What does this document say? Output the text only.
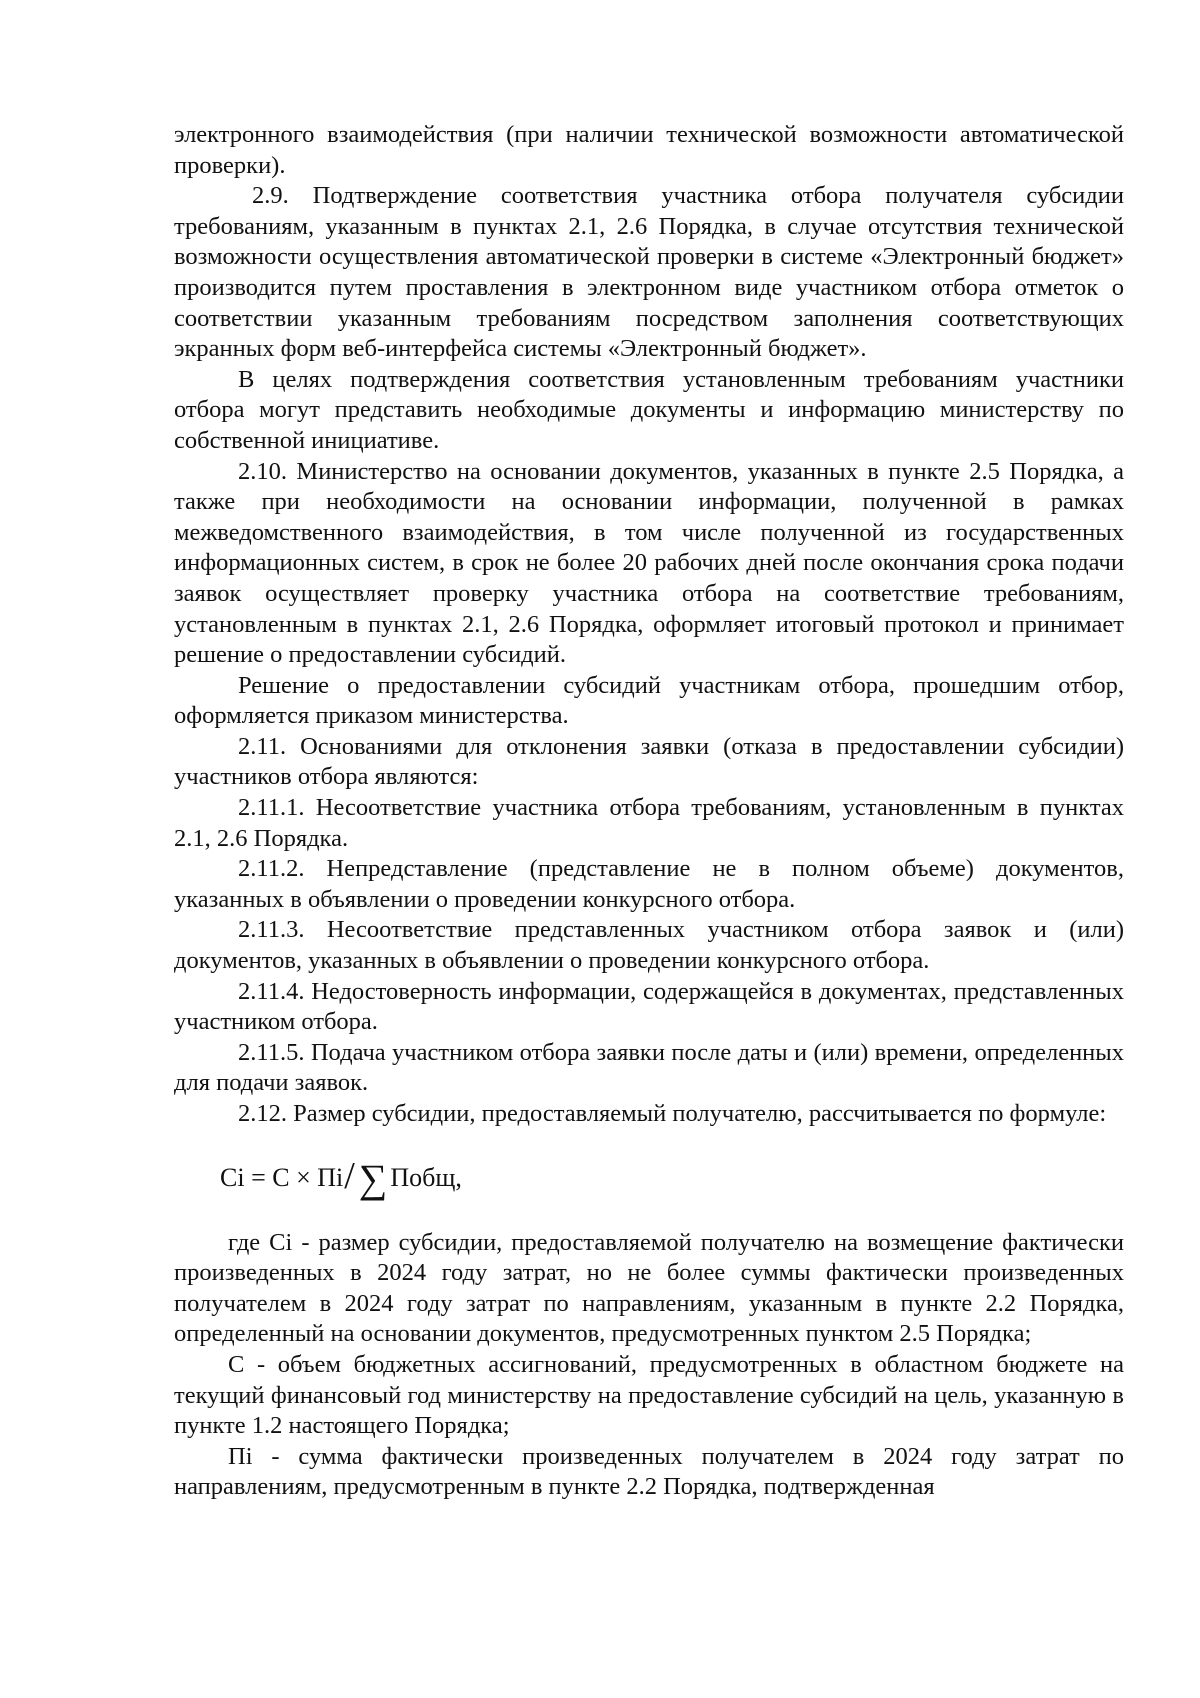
электронного взаимодействия (при наличии технической возможности автоматической проверки).

2.9. Подтверждение соответствия участника отбора получателя субсидии требованиям, указанным в пунктах 2.1, 2.6 Порядка, в случае отсутствия технической возможности осуществления автоматической проверки в системе «Электронный бюджет» производится путем проставления в электронном виде участником отбора отметок о соответствии указанным требованиям посредством заполнения соответствующих экранных форм веб-интерфейса системы «Электронный бюджет».

В целях подтверждения соответствия установленным требованиям участники отбора могут представить необходимые документы и информацию министерству по собственной инициативе.

2.10. Министерство на основании документов, указанных в пункте 2.5 Порядка, а также при необходимости на основании информации, полученной в рамках межведомственного взаимодействия, в том числе полученной из государственных информационных систем, в срок не более 20 рабочих дней после окончания срока подачи заявок осуществляет проверку участника отбора на соответствие требованиям, установленным в пунктах 2.1, 2.6 Порядка, оформляет итоговый протокол и принимает решение о предоставлении субсидий.

Решение о предоставлении субсидий участникам отбора, прошедшим отбор, оформляется приказом министерства.

2.11. Основаниями для отклонения заявки (отказа в предоставлении субсидии) участников отбора являются:

2.11.1. Несоответствие участника отбора требованиям, установленным в пунктах 2.1, 2.6 Порядка.

2.11.2. Непредставление (представление не в полном объеме) документов, указанных в объявлении о проведении конкурсного отбора.

2.11.3. Несоответствие представленных участником отбора заявок и (или) документов, указанных в объявлении о проведении конкурсного отбора.

2.11.4. Недостоверность информации, содержащейся в документах, представленных участником отбора.

2.11.5. Подача участником отбора заявки после даты и (или) времени, определенных для подачи заявок.

2.12. Размер субсидии, предоставляемый получателю, рассчитывается по формуле:

Ci = C × Пi / ∑ Побщ,

где Ci - размер субсидии, предоставляемой получателю на возмещение фактически произведенных в 2024 году затрат, но не более суммы фактически произведенных получателем в 2024 году затрат по направлениям, указанным в пункте 2.2 Порядка, определенный на основании документов, предусмотренных пунктом 2.5 Порядка;

С - объем бюджетных ассигнований, предусмотренных в областном бюджете на текущий финансовый год министерству на предоставление субсидий на цель, указанную в пункте 1.2 настоящего Порядка;

Пi - сумма фактически произведенных получателем в 2024 году затрат по направлениям, предусмотренным в пункте 2.2 Порядка, подтвержденная
